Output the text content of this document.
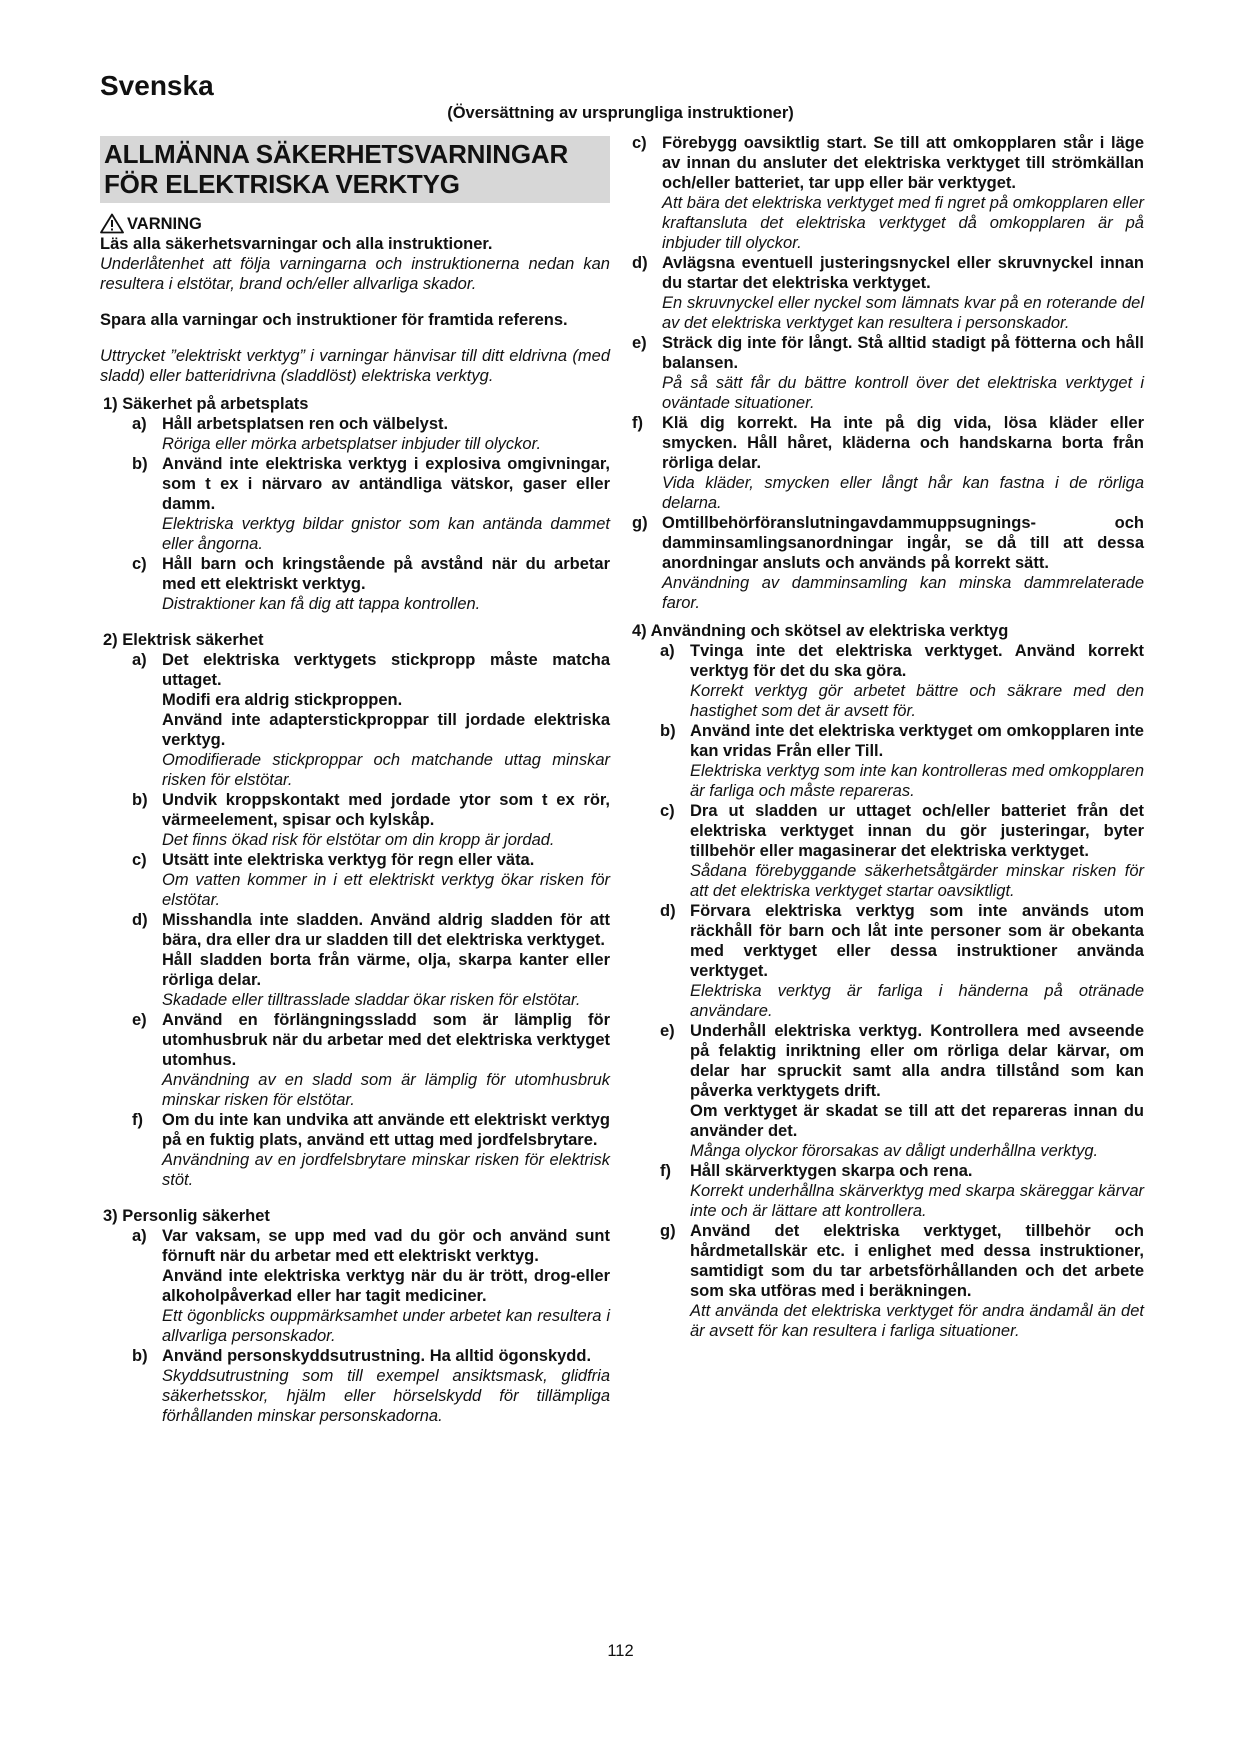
Svenska
(Översättning av ursprungliga instruktioner)
ALLMÄNNA SÄKERHETSVARNINGAR FÖR ELEKTRISKA VERKTYG
VARNING
Läs alla säkerhetsvarningar och alla instruktioner.
Underlåtenhet att följa varningarna och instruktionerna nedan kan resultera i elstötar, brand och/eller allvarliga skador.
Spara alla varningar och instruktioner för framtida referens.
Uttrycket ”elektriskt verktyg” i varningar hänvisar till ditt eldrivna (med sladd) eller batteridrivna (sladdlöst) elektriska verktyg.
1) Säkerhet på arbetsplats
a) Håll arbetsplatsen ren och välbelyst.
Röriga eller mörka arbetsplatser inbjuder till olyckor.
b) Använd inte elektriska verktyg i explosiva omgivningar, som t ex i närvaro av antändliga vätskor, gaser eller damm.
Elektriska verktyg bildar gnistor som kan antända dammet eller ångorna.
c) Håll barn och kringstående på avstånd när du arbetar med ett elektriskt verktyg.
Distraktioner kan få dig att tappa kontrollen.
2) Elektrisk säkerhet
a) Det elektriska verktygets stickpropp måste matcha uttaget.
Modifi era aldrig stickproppen.
Använd inte adapterstickproppar till jordade elektriska verktyg.
Omodifierade stickproppar och matchande uttag minskar risken för elstötar.
b) Undvik kroppskontakt med jordade ytor som t ex rör, värmeelement, spisar och kylskåp.
Det finns ökad risk för elstötar om din kropp är jordad.
c) Utsätt inte elektriska verktyg för regn eller väta.
Om vatten kommer in i ett elektriskt verktyg ökar risken för elstötar.
d) Misshandla inte sladden. Använd aldrig sladden för att bära, dra eller dra ur sladden till det elektriska verktyget.
Håll sladden borta från värme, olja, skarpa kanter eller rörliga delar.
Skadade eller tilltrasslade sladdar ökar risken för elstötar.
e) Använd en förlängningssladd som är lämplig för utomhusbruk när du arbetar med det elektriska verktyget utomhus.
Användning av en sladd som är lämplig för utomhusbruk minskar risken för elstötar.
f)	Om du inte kan undvika att använde ett elektriskt verktyg på en fuktig plats, använd ett uttag med jordfelsbrytare.
Användning av en jordfelsbrytare minskar risken för elektrisk stöt.
3) Personlig säkerhet
a) Var vaksam, se upp med vad du gör och använd sunt förnuft när du arbetar med ett elektriskt verktyg.
Använd inte elektriska verktyg när du är trött, drog-eller alkoholpåverkad eller har tagit mediciner.
Ett ögonblicks ouppmärksamhet under arbetet kan resultera i allvarliga personskador.
b) Använd personskyddsutrustning. Ha alltid ögonskydd.
Skyddsutrustning som till exempel ansiktsmask, glidfria säkerhetsskor, hjälm eller hörselskydd för tillämpliga förhållanden minskar personskadorna.
c) Förebygg oavsiktlig start. Se till att omkopplaren står i läge av innan du ansluter det elektriska verktyget till strömkällan och/eller batteriet, tar upp eller bär verktyget.
Att bära det elektriska verktyget med fi ngret på omkopplaren eller kraftansluta det elektriska verktyget då omkopplaren är på inbjuder till olyckor.
d) Avlägsna eventuell justeringsnyckel eller skruvnyckel innan du startar det elektriska verktyget.
En skruvnyckel eller nyckel som lämnats kvar på en roterande del av det elektriska verktyget kan resultera i personskador.
e) Sträck dig inte för långt. Stå alltid stadigt på fötterna och håll balansen.
På så sätt får du bättre kontroll över det elektriska verktyget i oväntade situationer.
f)	Klä dig korrekt. Ha inte på dig vida, lösa kläder eller smycken. Håll håret, kläderna och handskarna borta från rörliga delar.
Vida kläder, smycken eller långt hår kan fastna i de rörliga delarna.
g) Omtillbehörföranslutningavdammuppsugnings- och damminsamlingsanordningar ingår, se då till att dessa anordningar ansluts och används på korrekt sätt.
Användning av damminsamling kan minska dammrelaterade faror.
4) Användning och skötsel av elektriska verktyg
a) Tvinga inte det elektriska verktyget. Använd korrekt verktyg för det du ska göra.
Korrekt verktyg gör arbetet bättre och säkrare med den hastighet som det är avsett för.
b) Använd inte det elektriska verktyget om omkopplaren inte kan vridas Från eller Till.
Elektriska verktyg som inte kan kontrolleras med omkopplaren är farliga och måste repareras.
c) Dra ut sladden ur uttaget och/eller batteriet från det elektriska verktyget innan du gör justeringar, byter tillbehör eller magasinerar det elektriska verktyget.
Sådana förebyggande säkerhetsåtgärder minskar risken för att det elektriska verktyget startar oavsiktligt.
d) Förvara elektriska verktyg som inte används utom räckhåll för barn och låt inte personer som är obekanta med verktyget eller dessa instruktioner använda verktyget.
Elektriska verktyg är farliga i händerna på otränade användare.
e) Underhåll elektriska verktyg. Kontrollera med avseende på felaktig inriktning eller om rörliga delar kärvar, om delar har spruckit samt alla andra tillstånd som kan påverka verktygets drift.
Om verktyget är skadat se till att det repareras innan du använder det.
Många olyckor förorsakas av dåligt underhållna verktyg.
f)	Håll skärverktygen skarpa och rena.
Korrekt underhållna skärverktyg med skarpa skäreggar kärvar inte och är lättare att kontrollera.
g) Använd det elektriska verktyget, tillbehör och hårdmetallskär etc. i enlighet med dessa instruktioner, samtidigt som du tar arbetsförhållanden och det arbete som ska utföras med i beräkningen.
Att använda det elektriska verktyget för andra ändamål än det är avsett för kan resultera i farliga situationer.
112
